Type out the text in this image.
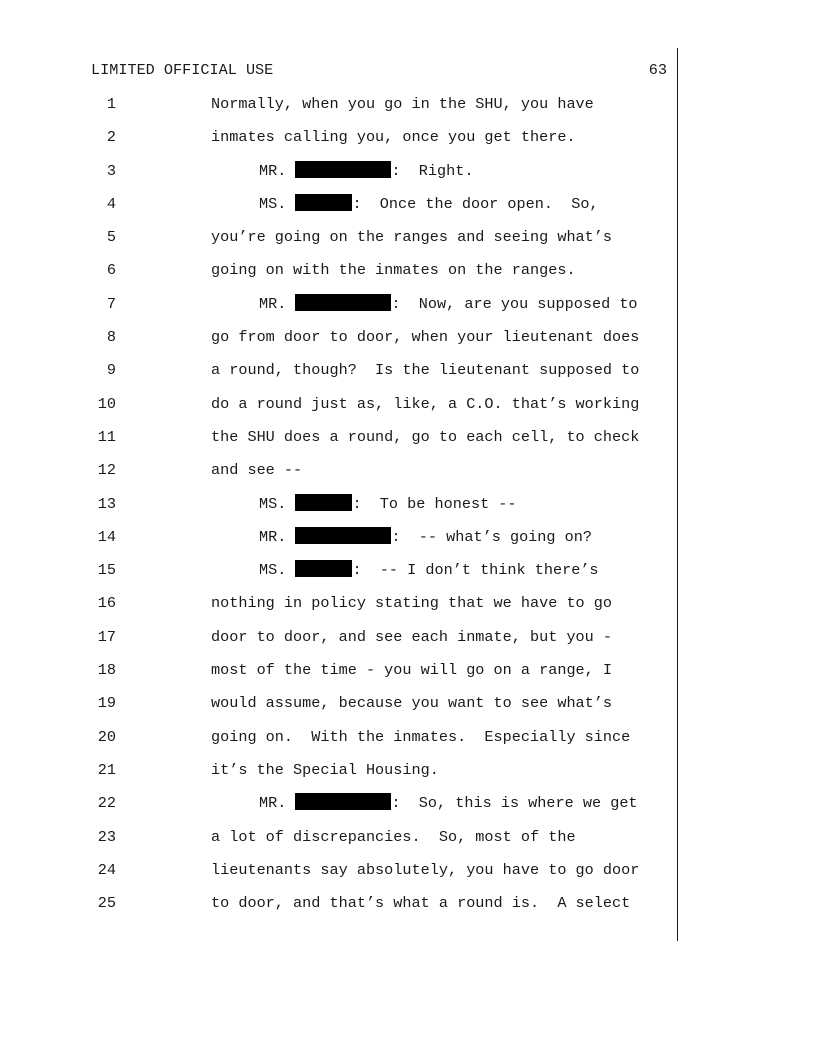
LIMITED OFFICIAL USE	63
1	Normally, when you go in the SHU, you have
2	inmates calling you, once you get there.
3	MR.	:  Right.
4	MS.	:  Once the door open.  So,
5	you’re going on the ranges and seeing what’s
6	going on with the inmates on the ranges.
7	MR.	:  Now, are you supposed to
8	go from door to door, when your lieutenant does
9	a round, though?  Is the lieutenant supposed to
10	do a round just as, like, a C.O. that’s working
11	the SHU does a round, go to each cell, to check
12	and see --
13	MS.	:  To be honest --
14	MR.	:  -- what’s going on?
15	MS.	:  -- I don’t think there’s
16	nothing in policy stating that we have to go
17	door to door, and see each inmate, but you -
18	most of the time - you will go on a range, I
19	would assume, because you want to see what’s
20	going on.  With the inmates.  Especially since
21	it’s the Special Housing.
22	MR.	:  So, this is where we get
23	a lot of discrepancies.  So, most of the
24	lieutenants say absolutely, you have to go door
25	to door, and that’s what a round is.  A select
